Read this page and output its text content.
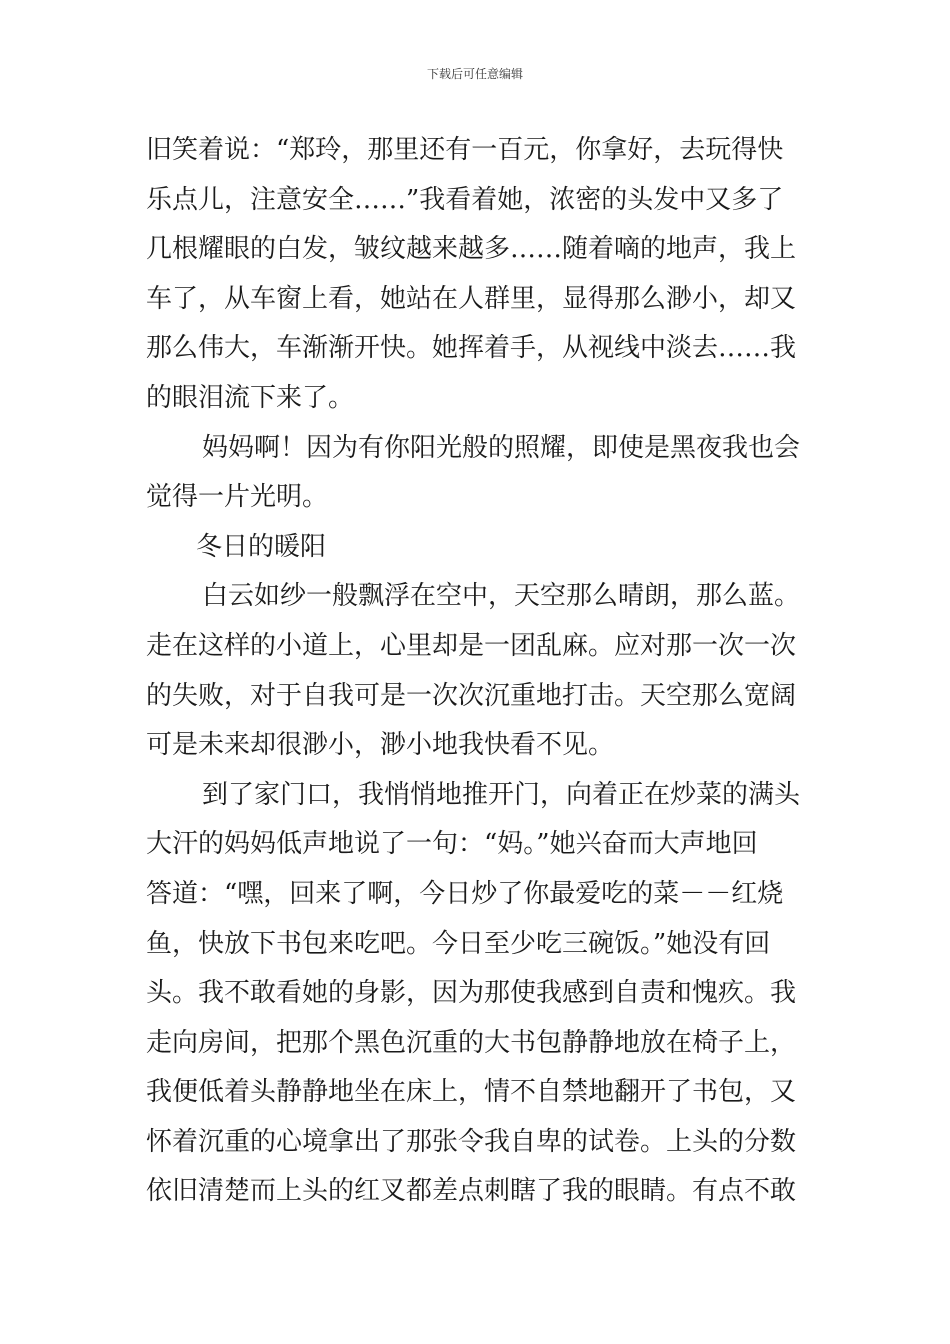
下载后可任意编辑
旧笑着说：“郑玲，那里还有一百元，你拿好，去玩得快
乐点儿，注意安全……”我看着她，浓密的头发中又多了
几根耀眼的白发，皱纹越来越多……随着嘀的地声，我上
车了，从车窗上看，她站在人群里，显得那么渺小，却又
那么伟大，车渐渐开快。她挥着手，从视线中淡去……我
的眼泪流下来了。
妈妈啊！因为有你阳光般的照耀，即使是黑夜我也会
觉得一片光明。
冬日的暖阳
白云如纱一般飘浮在空中，天空那么晴朗，那么蓝。
走在这样的小道上，心里却是一团乱麻。应对那一次一次
的失败，对于自我可是一次次沉重地打击。天空那么宽阔
可是未来却很渺小，渺小地我快看不见。
到了家门口，我悄悄地推开门，向着正在炒菜的满头
大汗的妈妈低声地说了一句：“妈。”她兴奋而大声地回
答道：“嘿，回来了啊，今日炒了你最爱吃的菜－－红烧
鱼，快放下书包来吃吧。今日至少吃三碗饭。”她没有回
头。我不敢看她的身影，因为那使我感到自责和愧疚。我
走向房间，把那个黑色沉重的大书包静静地放在椅子上，
我便低着头静静地坐在床上，情不自禁地翻开了书包，又
怀着沉重的心境拿出了那张令我自卑的试卷。上头的分数
依旧清楚而上头的红叉都差点刺瞎了我的眼睛。有点不敢
